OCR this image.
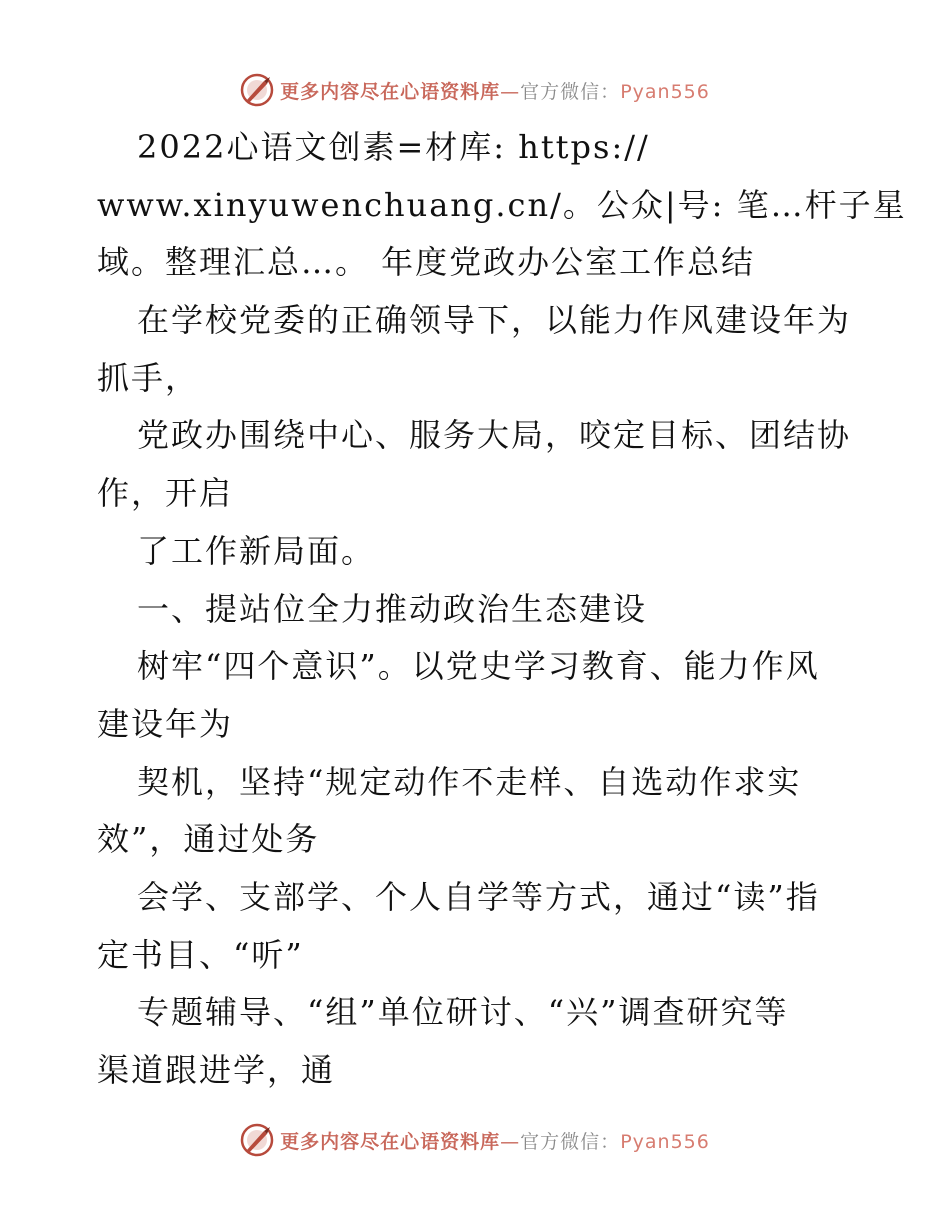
更多内容尽在心语资料库—官方微信：Pyan556
2022心语文创素=材库: https://
www.xinyuwenchuang.cn/。公众|号: 笔…杆子星
域。整理汇总…。 年度党政办公室工作总结
在学校党委的正确领导下，以能力作风建设年为
抓手，
党政办围绕中心、服务大局，咬定目标、团结协
作，开启
了工作新局面。
一、提站位全力推动政治生态建设
树牢“四个意识”。以党史学习教育、能力作风
建设年为
契机，坚持“规定动作不走样、自选动作求实
效”，通过处务
会学、支部学、个人自学等方式，通过“读”指
定书目、“听”
专题辅导、“组”单位研讨、“兴”调查研究等
渠道跟进学，通
更多内容尽在心语资料库—官方微信：Pyan556
